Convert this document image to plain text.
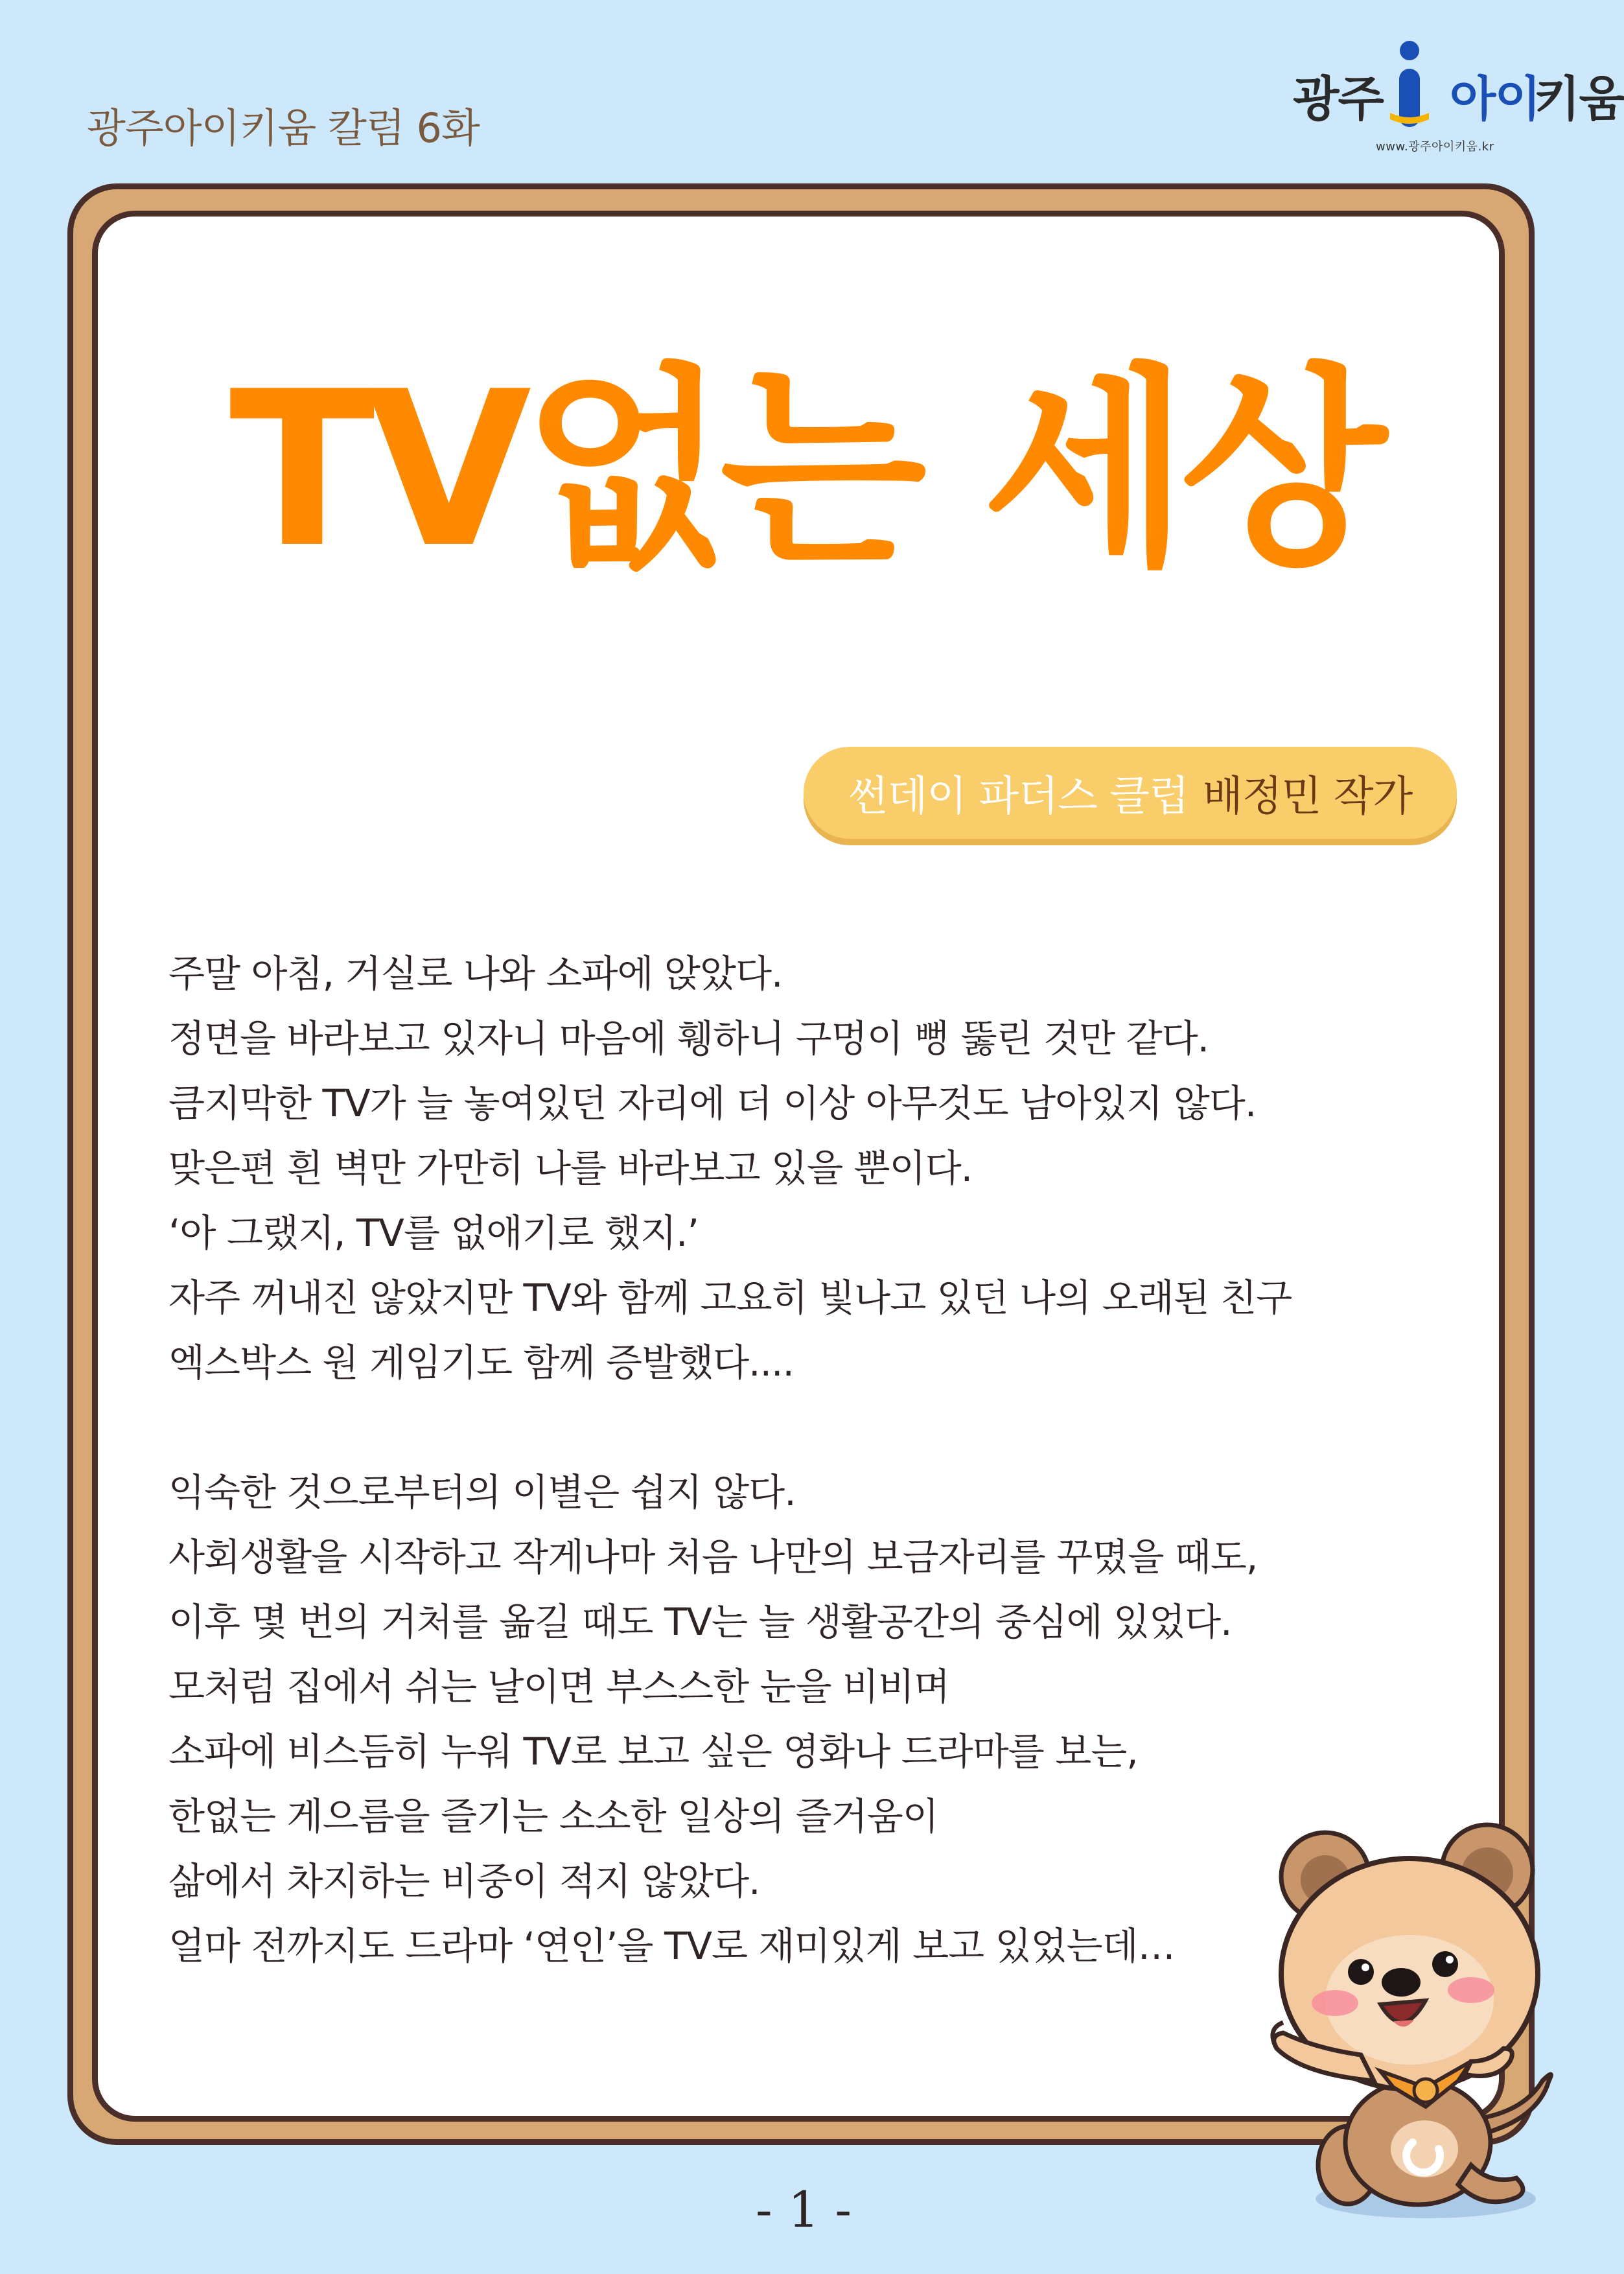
광주아이키움 칼럼 6화
광주 아이
키움
www.광주아이키움.kr
TV없는 세상
썬데이 파더스 클럽 배정민 작가
주말 아침, 거실로 나와 소파에 앉았다.
정면을 바라보고 있자니 마음에 휑하니 구멍이 뻥 뚫린 것만 같다.
큼지막한 TV가 늘 놓여있던 자리에 더 이상 아무것도 남아있지 않다.
맞은편 흰 벽만 가만히 나를 바라보고 있을 뿐이다.
‘아 그랬지, TV를 없애기로 했지.’
자주 꺼내진 않았지만 TV와 함께 고요히 빛나고 있던 나의 오래된 친구
엑스박스 원 게임기도 함께 증발했다....
익숙한 것으로부터의 이별은 쉽지 않다.
사회생활을 시작하고 작게나마 처음 나만의 보금자리를 꾸몄을 때도,
이후 몇 번의 거처를 옮길 때도 TV는 늘 생활공간의 중심에 있었다.
모처럼 집에서 쉬는 날이면 부스스한 눈을 비비며
소파에 비스듬히 누워 TV로 보고 싶은 영화나 드라마를 보는,
한없는 게으름을 즐기는 소소한 일상의 즐거움이
삶에서 차지하는 비중이 적지 않았다.
얼마 전까지도 드라마 ‘연인’을 TV로 재미있게 보고 있었는데…
- 1 -
